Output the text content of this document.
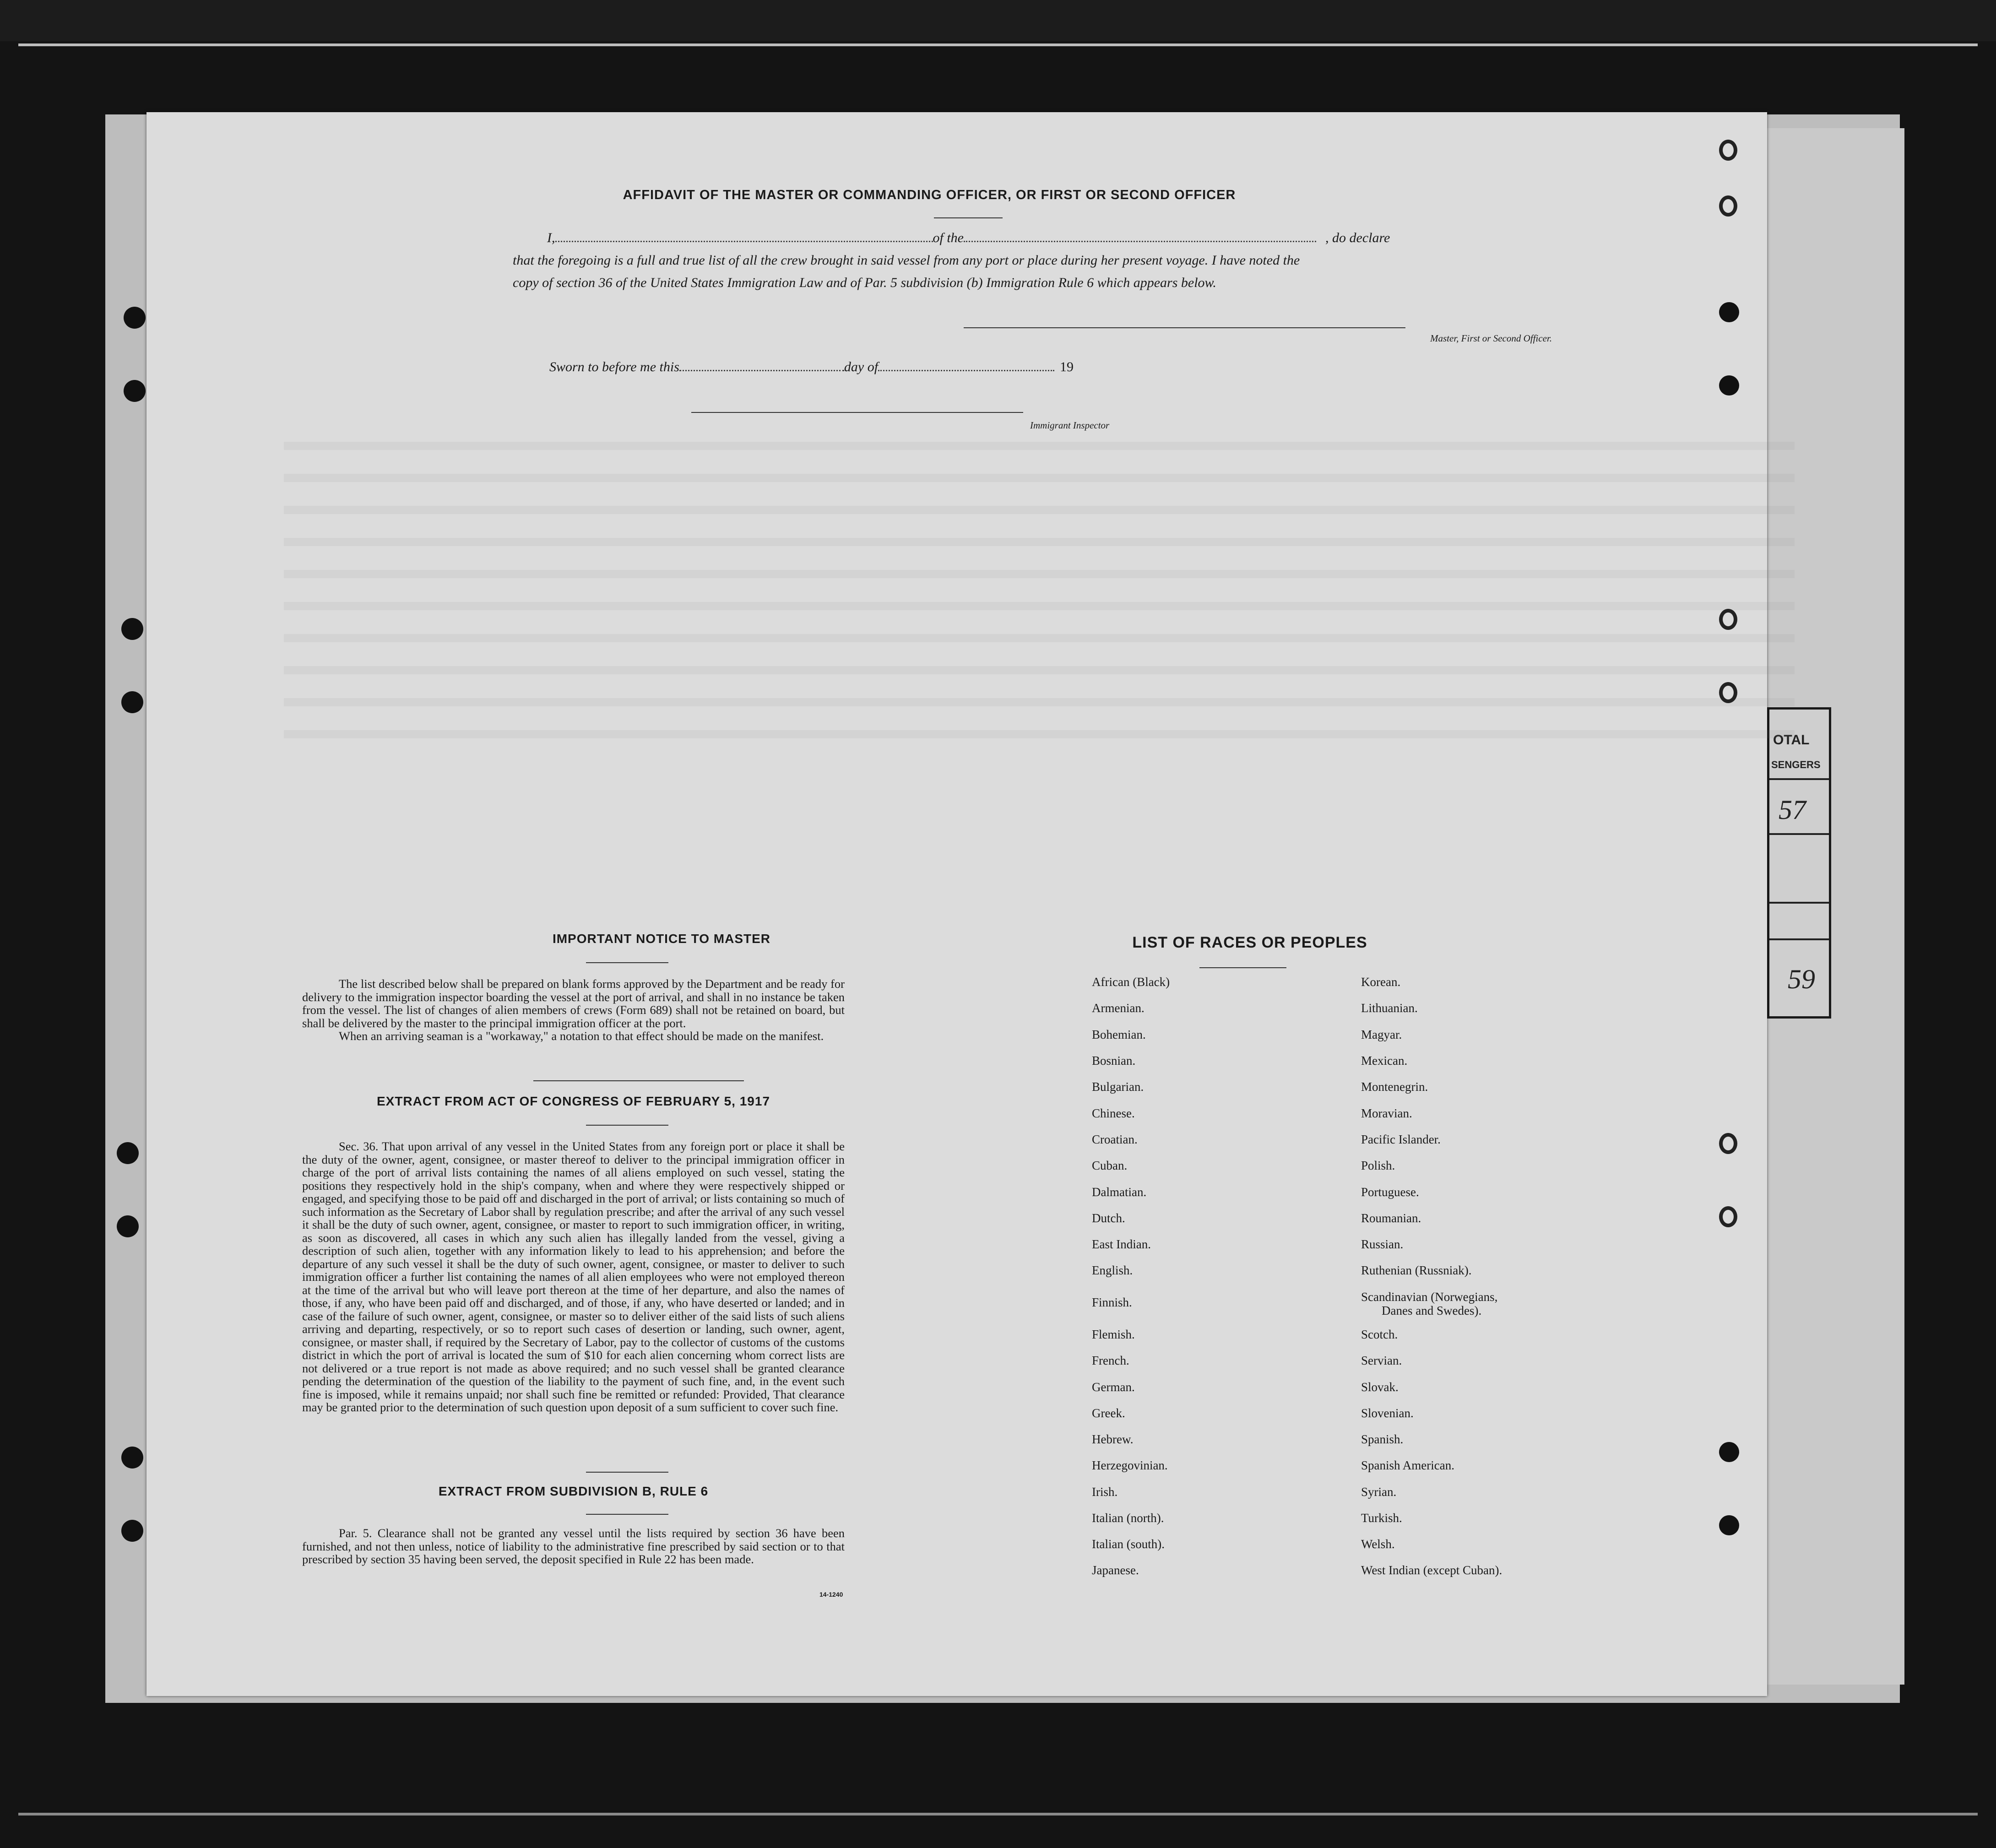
OTAL
SENGERS
57
59
AFFIDAVIT OF THE MASTER OR COMMANDING OFFICER, OR FIRST OR SECOND OFFICER
I,	of the	, do declare
that the foregoing is a full and true list of all the crew brought in said vessel from any port or place during her present voyage. I have noted the
copy of section 36 of the United States Immigration Law and of Par. 5 subdivision (b) Immigration Rule 6 which appears below.
Master, First or Second Officer.
Sworn to before me this	day of	19
Immigrant Inspector
IMPORTANT NOTICE TO MASTER

The list described below shall be prepared on blank forms approved by the Department and be ready for delivery to the immigration inspector boarding the vessel at the port of arrival, and shall in no instance be taken from the vessel. The list of changes of alien members of crews (Form 689) shall not be retained on board, but shall be delivered by the master to the principal immigration officer at the port.

When an arriving seaman is a "workaway," a notation to that effect should be made on the manifest.

EXTRACT FROM ACT OF CONGRESS OF FEBRUARY 5, 1917

Sec. 36. That upon arrival of any vessel in the United States from any foreign port or place it shall be the duty of the owner, agent, consignee, or master thereof to deliver to the principal immigration officer in charge of the port of arrival lists containing the names of all aliens employed on such vessel, stating the positions they respectively hold in the ship's company, when and where they were respectively shipped or engaged, and specifying those to be paid off and discharged in the port of arrival; or lists containing so much of such information as the Secretary of Labor shall by regulation prescribe; and after the arrival of any such vessel it shall be the duty of such owner, agent, consignee, or master to report to such immigration officer, in writing, as soon as discovered, all cases in which any such alien has illegally landed from the vessel, giving a description of such alien, together with any information likely to lead to his apprehension; and before the departure of any such vessel it shall be the duty of such owner, agent, consignee, or master to deliver to such immigration officer a further list containing the names of all alien employees who were not employed thereon at the time of the arrival but who will leave port thereon at the time of her departure, and also the names of those, if any, who have been paid off and discharged, and of those, if any, who have deserted or landed; and in case of the failure of such owner, agent, consignee, or master so to deliver either of the said lists of such aliens arriving and departing, respectively, or so to report such cases of desertion or landing, such owner, agent, consignee, or master shall, if required by the Secretary of Labor, pay to the collector of customs of the customs district in which the port of arrival is located the sum of $10 for each alien concerning whom correct lists are not delivered or a true report is not made as above required; and no such vessel shall be granted clearance pending the determination of the question of the liability to the payment of such fine, and, in the event such fine is imposed, while it remains unpaid; nor shall such fine be remitted or refunded: Provided, That clearance may be granted prior to the determination of such question upon deposit of a sum sufficient to cover such fine.

EXTRACT FROM SUBDIVISION B, RULE 6

Par. 5. Clearance shall not be granted any vessel until the lists required by section 36 have been furnished, and not then unless, notice of liability to the administrative fine prescribed by said section or to that prescribed by section 35 having been served, the deposit specified in Rule 22 has been made.

14-1240
LIST OF RACES OR PEOPLES
African (Black)
Armenian.
Bohemian.
Bosnian.
Bulgarian.
Chinese.
Croatian.
Cuban.
Dalmatian.
Dutch.
East Indian.
English.
Finnish.
Flemish.
French.
German.
Greek.
Hebrew.
Herzegovinian.
Irish.
Italian (north).
Italian (south).
Japanese.
Korean.
Lithuanian.
Magyar.
Mexican.
Montenegrin.
Moravian.
Pacific Islander.
Polish.
Portuguese.
Roumanian.
Russian.
Ruthenian (Russniak).
Scandinavian (Norwegians,
Danes and Swedes).
Scotch.
Servian.
Slovak.
Slovenian.
Spanish.
Spanish American.
Syrian.
Turkish.
Welsh.
West Indian (except Cuban).
